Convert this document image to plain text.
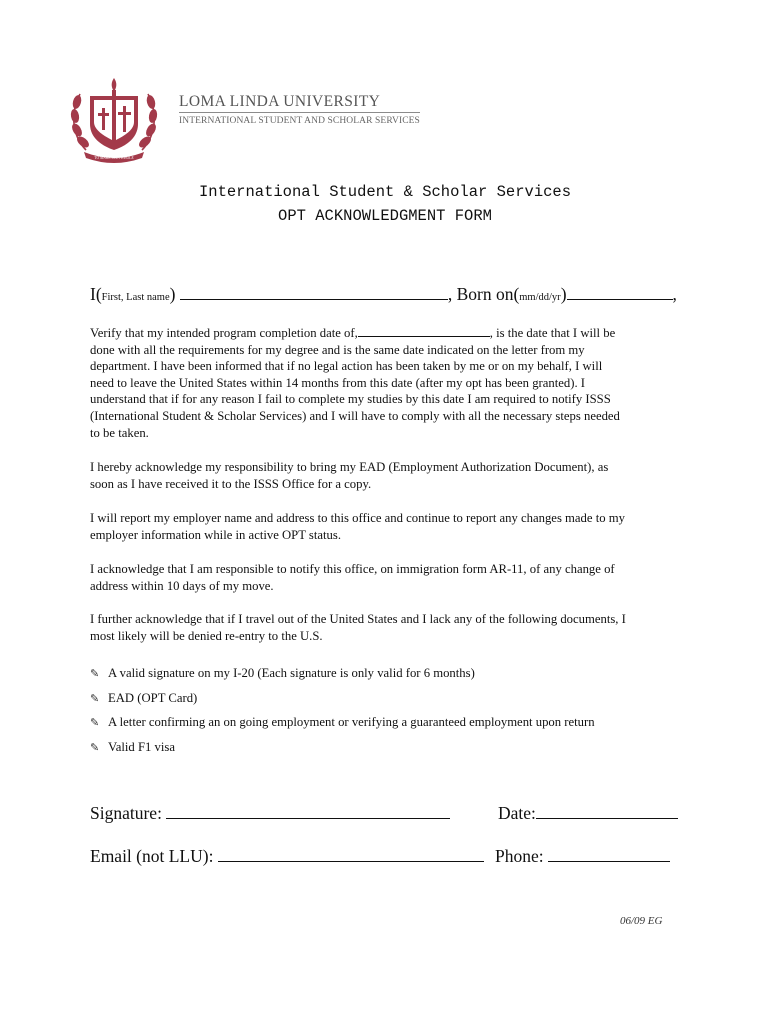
TO MAKE MAN WHOLE
LOMA LINDA UNIVERSITY
INTERNATIONAL STUDENT AND SCHOLAR SERVICES
International Student & Scholar Services
OPT ACKNOWLEDGMENT FORM
I(First, Last name)	, Born on(mm/dd/yr)	,
Verify that my intended program completion date of,	, is the date that I will be
done with all the requirements for my degree and is the same date indicated on the letter from my
department. I have been informed that if no legal action has been taken by me or on my behalf, I will
need to leave the United States within 14 months from this date (after my opt has been granted). I
understand that if for any reason I fail to complete my studies by this date I am required to notify ISSS
(International Student & Scholar Services) and I will have to comply with all the necessary steps needed
to be taken.
I hereby acknowledge my responsibility to bring my EAD (Employment Authorization Document), as
soon as I have received it to the ISSS Office for a copy.
I will report my employer name and address to this office and continue to report any changes made to my
employer information while in active OPT status.
I acknowledge that I am responsible to notify this office, on immigration form AR-11, of any change of
address within 10 days of my move.
I further acknowledge that if I travel out of the United States and I lack any of the following documents, I
most likely will be denied re-entry to the U.S.
✎ A valid signature on my I-20 (Each signature is only valid for 6 months)
✎ EAD (OPT Card)
✎ A letter confirming an on going employment or verifying a guaranteed employment upon return
✎ Valid F1 visa
Signature:	Date:
Email (not LLU):	Phone:
06/09 EG
